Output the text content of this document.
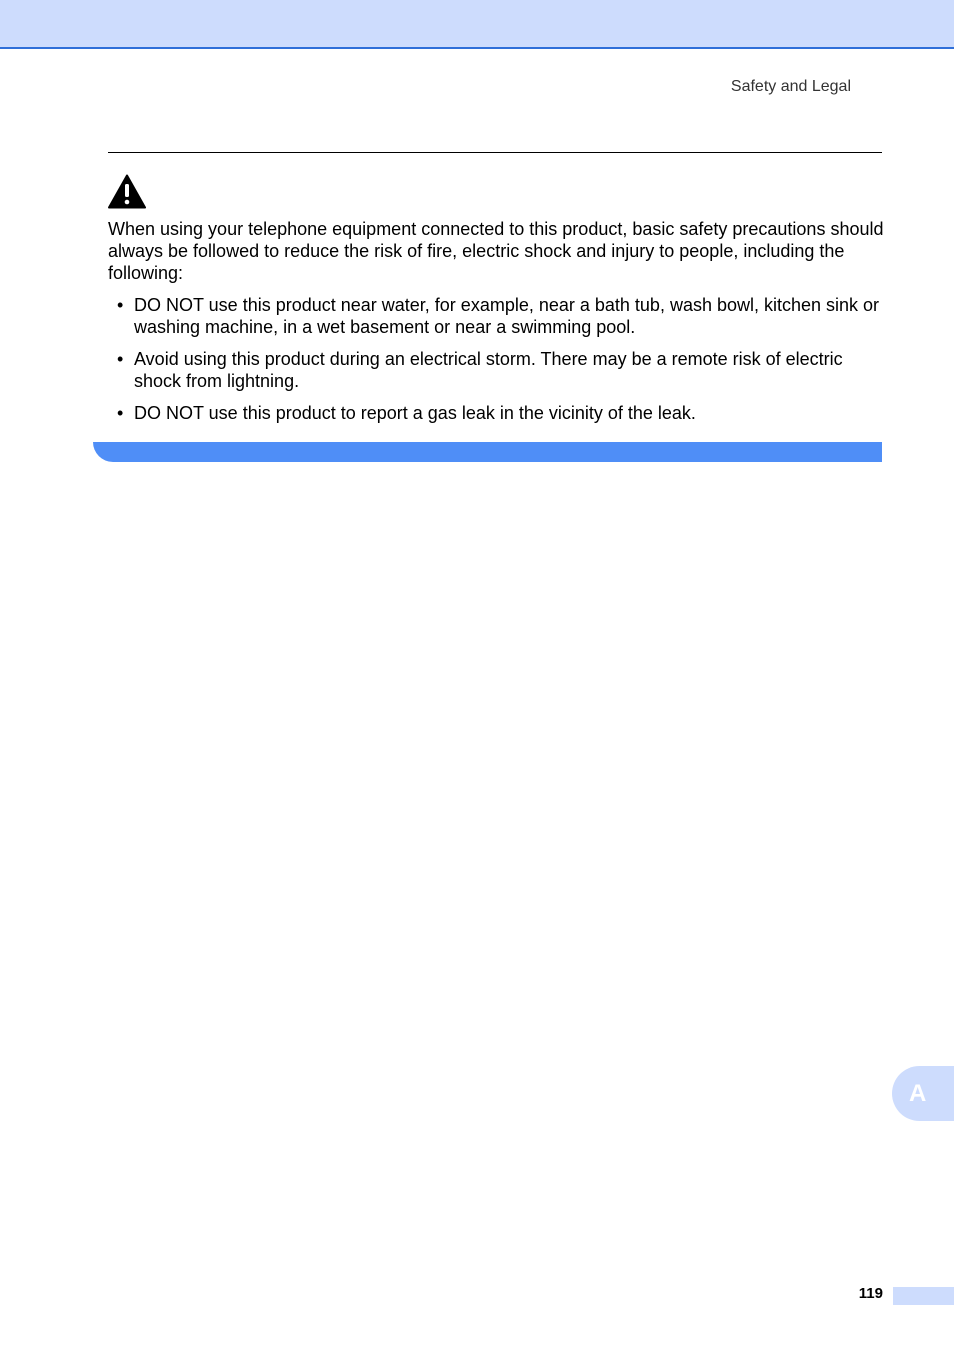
Safety and Legal

When using your telephone equipment connected to this product, basic safety precautions should always be followed to reduce the risk of fire, electric shock and injury to people, including the following:

• DO NOT use this product near water, for example, near a bath tub, wash bowl, kitchen sink or washing machine, in a wet basement or near a swimming pool.
• Avoid using this product during an electrical storm. There may be a remote risk of electric shock from lightning.
• DO NOT use this product to report a gas leak in the vicinity of the leak.
A
119
